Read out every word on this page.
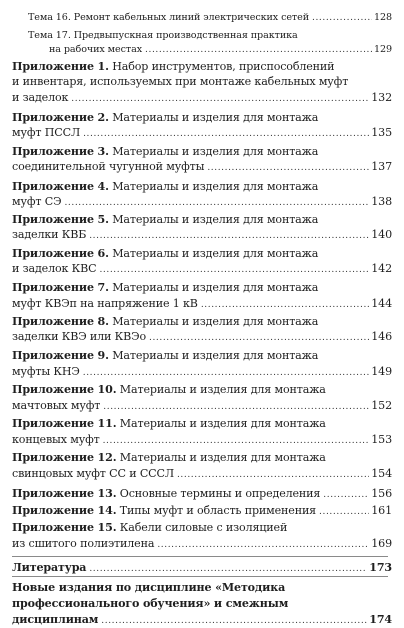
Тема 16. Ремонт кабельных линий электрических сетей .....	128
Тема 17. Предвыпускная производственная практика
на рабочих местах .....	129
Приложение 1. Набор инструментов, приспособлений
и инвентаря, используемых при монтаже кабельных муфт
и заделок .....	132
Приложение 2. Материалы и изделия для монтажа
муфт ПССЛ .....	135
Приложение 3. Материалы и изделия для монтажа
соединительной чугунной муфты .....	137
Приложение 4. Материалы и изделия для монтажа
муфт СЭ .....	138
Приложение 5. Материалы и изделия для монтажа
заделки КВБ .....	140
Приложение 6. Материалы и изделия для монтажа
и заделок КВС .....	142
Приложение 7. Материалы и изделия для монтажа
муфт КВЭп на напряжение 1 кВ .....	144
Приложение 8. Материалы и изделия для монтажа
заделки КВЭ или КВЭо .....	146
Приложение 9. Материалы и изделия для монтажа
муфты КНЭ .....	149
Приложение 10. Материалы и изделия для монтажа
мачтовых муфт .....	152
Приложение 11. Материалы и изделия для монтажа
концевых муфт .....	153
Приложение 12. Материалы и изделия для монтажа
свинцовых муфт СС и СССЛ .....	154
Приложение 13. Основные термины и определения .....	156
Приложение 14. Типы муфт и область применения .....	161
Приложение 15. Кабели силовые с изоляцией
из сшитого полиэтилена .....	169
Литература .....	173
Новые издания по дисциплине «Методика
профессионального обучения» и смежным
дисциплинам .....	174
